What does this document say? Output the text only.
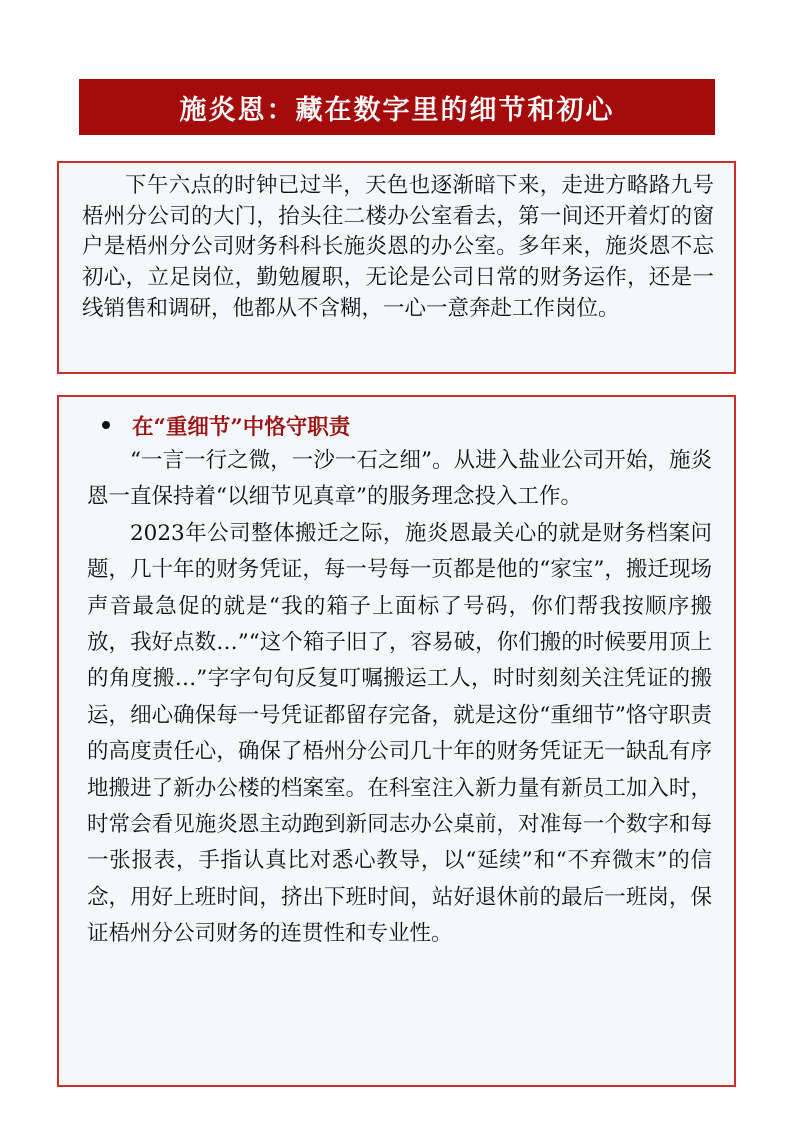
施炎恩：藏在数字里的细节和初心

下午六点的时钟已过半，天色也逐渐暗下来，走进方略路九号梧州分公司的大门，抬头往二楼办公室看去，第一间还开着灯的窗户是梧州分公司财务科科长施炎恩的办公室。多年来，施炎恩不忘初心，立足岗位，勤勉履职，无论是公司日常的财务运作，还是一线销售和调研，他都从不含糊，一心一意奔赴工作岗位。

在“重细节”中恪守职责

“一言一行之微，一沙一石之细”。从进入盐业公司开始，施炎恩一直保持着“以细节见真章”的服务理念投入工作。

2023年公司整体搬迁之际，施炎恩最关心的就是财务档案问题，几十年的财务凭证，每一号每一页都是他的“家宝”，搬迁现场声音最急促的就是“我的箱子上面标了号码，你们帮我按顺序搬放，我好点数…”“这个箱子旧了，容易破，你们搬的时候要用顶上的角度搬…”字字句句反复叮嘱搬运工人，时时刻刻关注凭证的搬运，细心确保每一号凭证都留存完备，就是这份“重细节”恪守职责的高度责任心，确保了梧州分公司几十年的财务凭证无一缺乱有序地搬进了新办公楼的档案室。在科室注入新力量有新员工加入时，时常会看见施炎恩主动跑到新同志办公桌前，对准每一个数字和每一张报表，手指认真比对悉心教导，以“延续”和“不弃微末”的信念，用好上班时间，挤出下班时间，站好退休前的最后一班岗，保证梧州分公司财务的连贯性和专业性。
